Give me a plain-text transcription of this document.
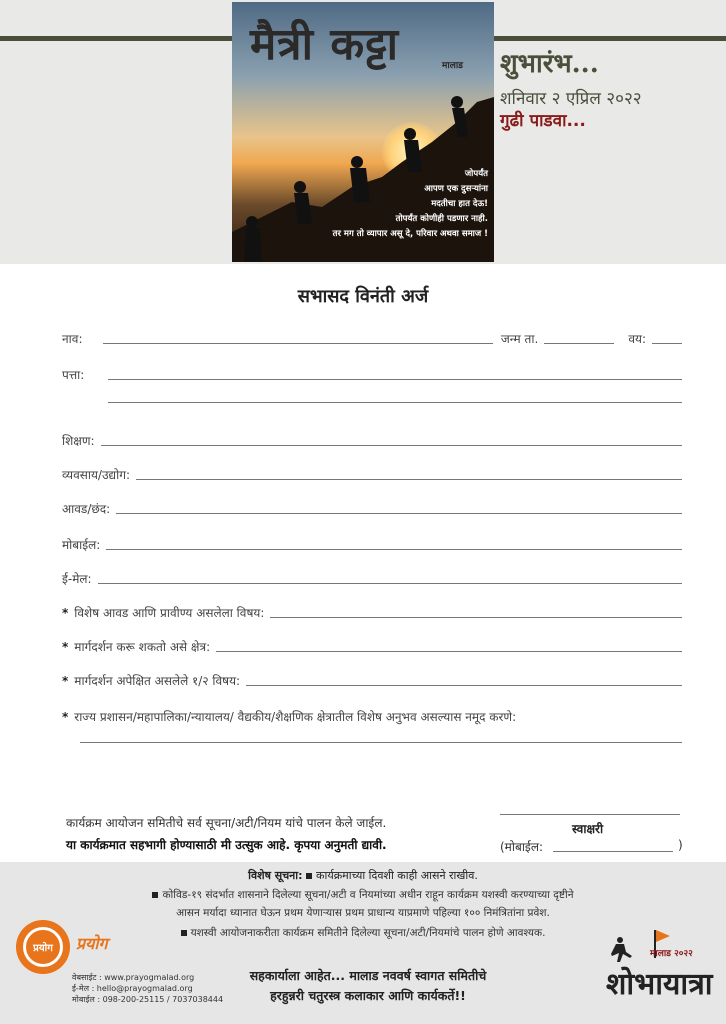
मैत्री कट्टा	मालाड
जोपर्यंत
आपण एक दुसऱ्यांना
मदतीचा हात देऊ!
तोपर्यंत कोणीही पडणार नाही.
तर मग तो व्यापार असू दे, परिवार अथवा समाज !
शुभारंभ...
शनिवार २ एप्रिल २०२२
गुढी पाडवा...
सभासद विनंती अर्ज
नाव:	जन्म ता.	वय:
पत्ता:
शिक्षण:
व्यवसाय/उद्योग:
आवड/छंद:
मोबाईल:
ई-मेल:
* विशेष आवड आणि प्रावीण्य असलेला विषय:
* मार्गदर्शन करू शकतो असे क्षेत्र:
* मार्गदर्शन अपेक्षित असलेले १/२ विषय:
* राज्य प्रशासन/महापालिका/न्यायालय/ वैद्यकीय/शैक्षणिक क्षेत्रातील विशेष अनुभव असल्यास नमूद करणे:
कार्यक्रम आयोजन समितीचे सर्व सूचना/अटी/नियम यांचे पालन केले जाईल.
या कार्यक्रमात सहभागी होण्यासाठी मी उत्सुक आहे. कृपया अनुमती द्यावी.
स्वाक्षरी
(मोबाईल:	)
विशेष सूचना: कार्यक्रमाच्या दिवशी काही आसने राखीव.
कोविड-१९ संदर्भात शासनाने दिलेल्या सूचना/अटी व नियमांच्या अधीन राहून कार्यक्रम यशस्वी करण्याच्या दृष्टीने
आसन मर्यादा ध्यानात घेऊन प्रथम येणाऱ्यास प्रथम प्राधान्य याप्रमाणे पहिल्या १०० निमंत्रितांना प्रवेश.
यशस्वी आयोजनाकरीता कार्यक्रम समितीने दिलेल्या सूचना/अटी/नियमांचे पालन होणे आवश्यक.
प्रयोग	प्रयोग
वेबसाईट : www.prayogmalad.org
ई-मेल : hello@prayogmalad.org
मोबाईल : 098-200-25115 / 7037038444
सहकार्याला आहेत... मालाड नववर्ष स्वागत समितीचे
हरहुन्नरी चतुरस्त्र कलाकार आणि कार्यकर्ते!!
मालाड २०२२
शोभायात्रा
